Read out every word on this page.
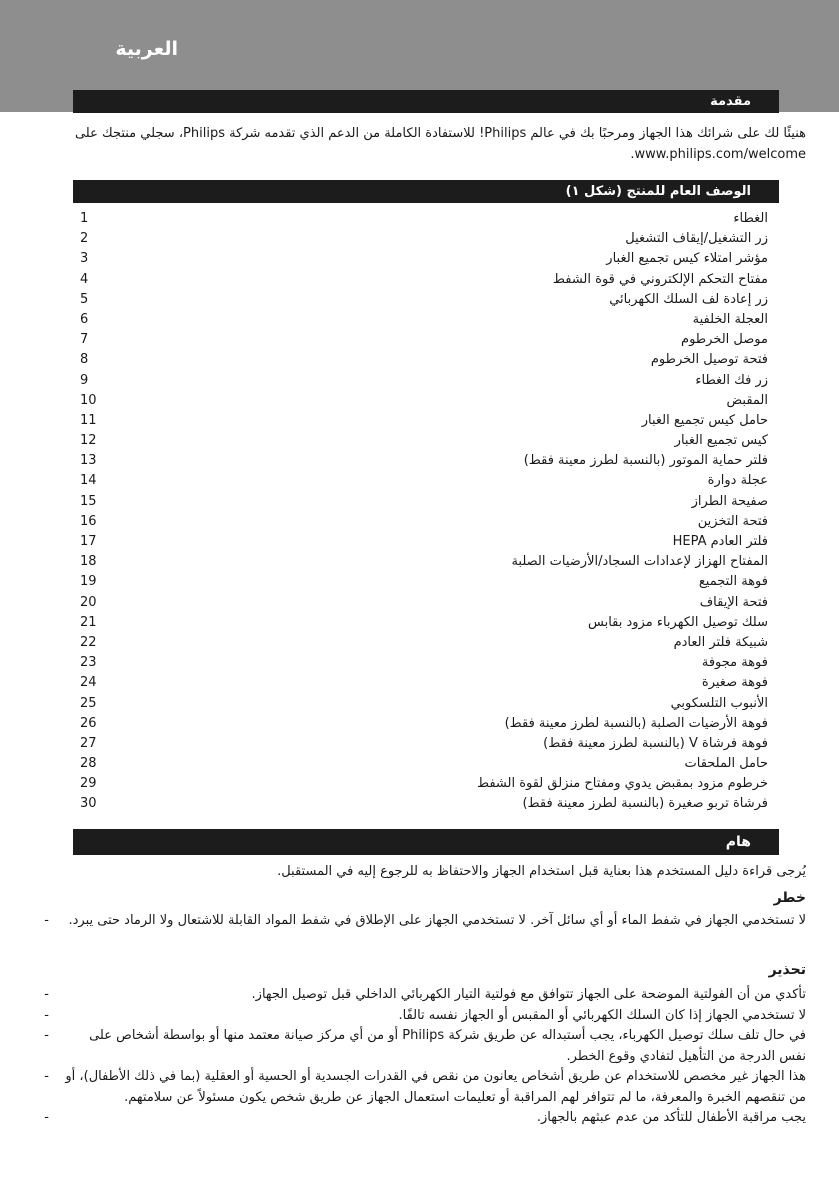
العربية
مقدمة
هنيئًا لك على شرائك هذا الجهاز ومرحبًا بك في عالم Philips! للاستفادة الكاملة من الدعم الذي تقدمه شركة Philips، سجلي منتجك على www.philips.com/welcome.
الوصف العام للمنتج (شكل ١)
1	الغطاء
2	زر التشغيل/إيقاف التشغيل
3	مؤشر امتلاء كيس تجميع الغبار
4	مفتاح التحكم الإلكتروني في قوة الشفط
5	زر إعادة لف السلك الكهربائي
6	العجلة الخلفية
7	موصل الخرطوم
8	فتحة توصيل الخرطوم
9	زر فك الغطاء
10	المقبض
11	حامل كيس تجميع الغبار
12	كيس تجميع الغبار
13	فلتر حماية الموتور (بالنسبة لطرز معينة فقط)
14	عجلة دوارة
15	صفيحة الطراز
16	فتحة التخزين
17	فلتر العادم HEPA
18	المفتاح الهزاز لإعدادات السجاد/الأرضيات الصلبة
19	فوهة التجميع
20	فتحة الإيقاف
21	سلك توصيل الكهرباء مزود بقابس
22	شبيكة فلتر العادم
23	فوهة مجوفة
24	فوهة صغيرة
25	الأنبوب التلسكوبي
26	فوهة الأرضيات الصلبة (بالنسبة لطرز معينة فقط)
27	فوهة فرشاة V (بالنسبة لطرز معينة فقط)
28	حامل الملحقات
29	خرطوم مزود بمقبض يدوي ومفتاح منزلق لقوة الشفط
30	فرشاة تربو صغيرة (بالنسبة لطرز معينة فقط)
هام
يُرجى قراءة دليل المستخدم هذا بعناية قبل استخدام الجهاز والاحتفاظ به للرجوع إليه في المستقبل.
خطر
-	لا تستخدمي الجهاز في شفط الماء أو أي سائل آخر. لا تستخدمي الجهاز على الإطلاق في شفط المواد القابلة للاشتعال ولا الرماد حتى يبرد.
تحذير
-	تأكدي من أن الفولتية الموضحة على الجهاز تتوافق مع فولتية التيار الكهربائي الداخلي قبل توصيل الجهاز.
-	لا تستخدمي الجهاز إذا كان السلك الكهربائي أو المقبس أو الجهاز نفسه تالفًا.
-	في حال تلف سلك توصيل الكهرباء، يجب أستبداله عن طريق شركة Philips أو من أي مركز صيانة معتمد منها أو بواسطة أشخاص على نفس الدرجة من التأهيل لتفادي وقوع الخطر.
-	هذا الجهاز غير مخصص للاستخدام عن طريق أشخاص يعانون من نقص في القدرات الجسدية أو الحسية أو العقلية (بما في ذلك الأطفال)، أو من تنقصهم الخبرة والمعرفة، ما لم تتوافر لهم المراقبة أو تعليمات استعمال الجهاز عن طريق شخص يكون مسئولاً عن سلامتهم.
-	يجب مراقبة الأطفال للتأكد من عدم عبثهم بالجهاز.
